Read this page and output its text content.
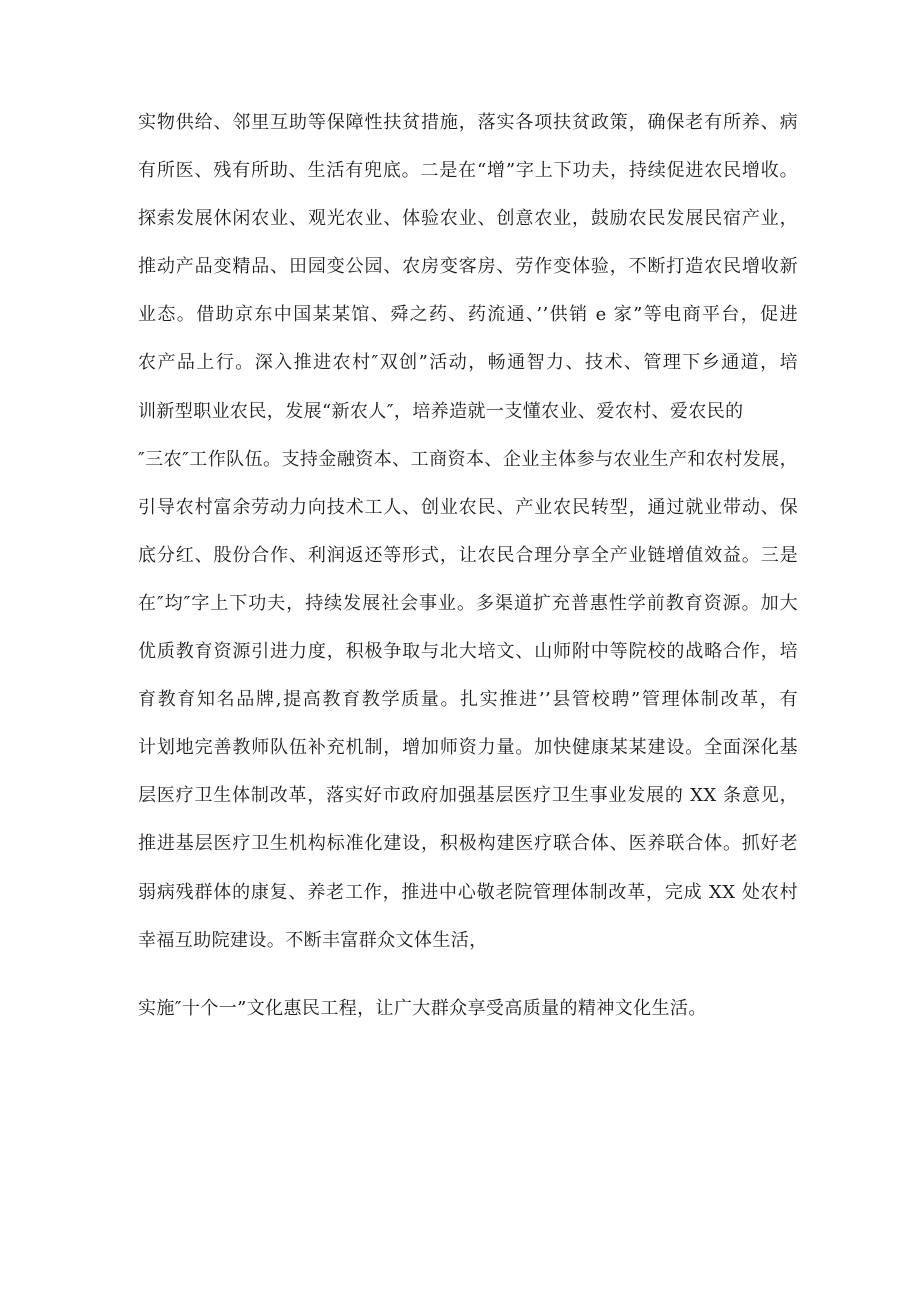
实物供给、邻里互助等保障性扶贫措施，落实各项扶贫政策，确保老有所养、病
有所医、残有所助、生活有兜底。二是在“增”字上下功夫，持续促进农民增收。
探索发展休闲农业、观光农业、体验农业、创意农业，鼓励农民发展民宿产业，
推动产品变精品、田园变公园、农房变客房、劳作变体验，不断打造农民增收新
业态。借助京东中国某某馆、舜之药、药流通、’’供销 e 家”等电商平台，促进
农产品上行。深入推进农村″双创”活动，畅通智力、技术、管理下乡通道，培
训新型职业农民，发展“新农人″，培养造就一支懂农业、爱农村、爱农民的
″三农″工作队伍。支持金融资本、工商资本、企业主体参与农业生产和农村发展，
引导农村富余劳动力向技术工人、创业农民、产业农民转型，通过就业带动、保
底分红、股份合作、利润返还等形式，让农民合理分享全产业链增值效益。三是
在″均″字上下功夫，持续发展社会事业。多渠道扩充普惠性学前教育资源。加大
优质教育资源引进力度，积极争取与北大培文、山师附中等院校的战略合作，培
育教育知名品牌,提高教育教学质量。扎实推进’’县管校聘”管理体制改革，有
计划地完善教师队伍补充机制，增加师资力量。加快健康某某建设。全面深化基
层医疗卫生体制改革，落实好市政府加强基层医疗卫生事业发展的 XX 条意见，
推进基层医疗卫生机构标准化建设，积极构建医疗联合体、医养联合体。抓好老
弱病残群体的康复、养老工作，推进中心敬老院管理体制改革，完成 XX 处农村
幸福互助院建设。不断丰富群众文体生活，
实施″十个一”文化惠民工程，让广大群众享受高质量的精神文化生活。
